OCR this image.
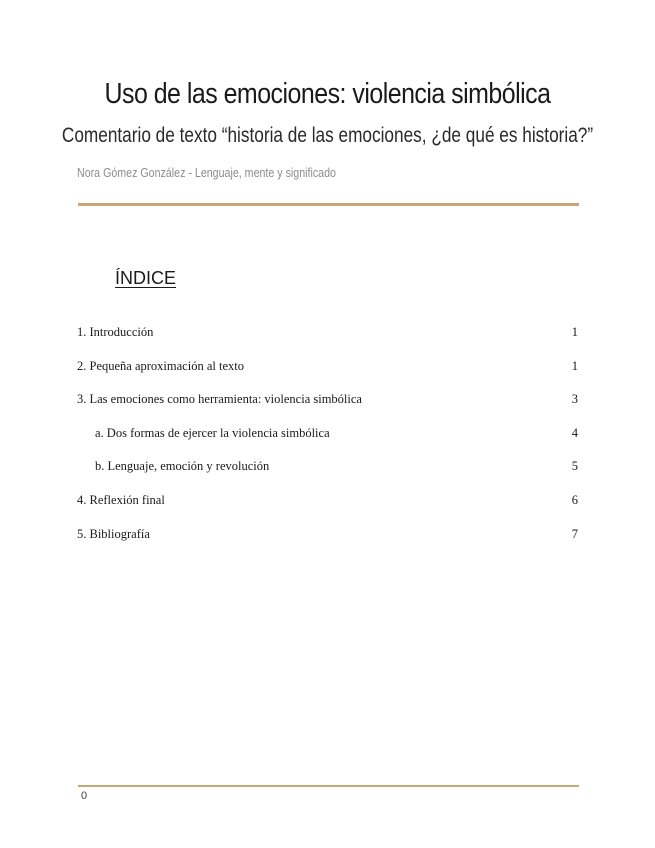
Uso de las emociones: violencia simbólica
Comentario de texto “historia de las emociones, ¿de qué es historia?”
Nora Gómez González - Lenguaje, mente y significado
ÍNDICE
1. Introducción	1
2. Pequeña aproximación al texto	1
3. Las emociones como herramienta: violencia simbólica	3
a. Dos formas de ejercer la violencia simbólica	4
b. Lenguaje, emoción y revolución	5
4. Reflexión final	6
5. Bibliografía	7
0
